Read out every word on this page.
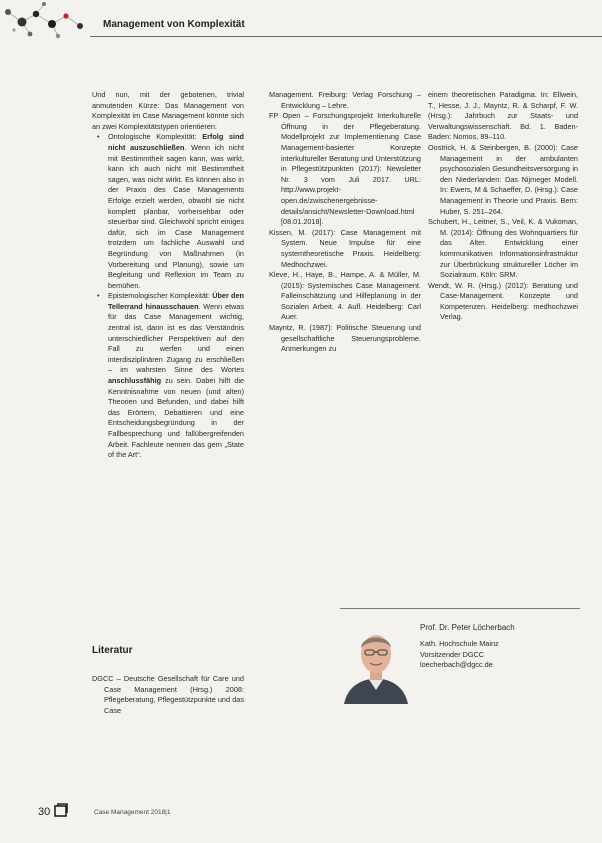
Management von Komplexität

Und nun, mit der gebotenen, trivial anmutenden Kürze: Das Management von Komplexität im Case Management könnte sich an zwei Komplexitätstypen orientieren:

• Ontologische Komplexität: Erfolg sind nicht auszuschließen. Wenn ich nicht mit Bestimmtheit sagen kann, was wirkt, kann ich auch nicht mit Bestimmtheit sagen, was nicht wirkt. Es können also in der Praxis des Case Managements Erfolge erzielt werden, obwohl sie nicht komplett planbar, vorhersehbar oder steuerbar sind. Gleichwohl spricht einiges dafür, sich im Case Management trotzdem um fachliche Auswahl und Begründung von Maßnahmen (in Vorbereitung und Planung), sowie um Begleitung und Reflexion im Team zu bemühen.
• Epistemologischer Komplexität: Über den Tellerrand hinausschauen. Wenn etwas für das Case Management wichtig, zentral ist, dann ist es das Verständnis unterschiedlicher Perspektiven auf den Fall zu werfen und einen interdisziplinären Zugang zu erschließen – im wahrsten Sinne des Wortes anschlussfähig zu sein. Dabei hilft die Kenntnisnahme von neuen (und alten) Theorien und Befunden, und dabei hilft das Erörtern, Debattieren und eine Entscheidungsbegründung in der Fallbesprechung und fallübergreifenden Arbeit. Fachleute nennen das gern „State of the Art“.

Management. Freiburg: Verlag Forschung – Entwicklung – Lehre.

FP Open – Forschungsprojekt Interkulturelle Öffnung in der Pflegeberatung. Modellprojekt zur Implementierung Case Management-basierter Konzepte interkultureller Beratung und Unterstützung in Pflegestützpunkten (2017): Newsletter Nr. 3 vom Juli 2017. URL: http://www.projekt-open.de/zwischenergebnisse-details/ansicht/Newsletter-Download.html [08.01.2018].

Kissen, M. (2017): Case Management mit System. Neue Impulse für eine systemtheoretische Praxis. Heidelberg: Medhochzwei.

Kleve, H., Haye, B., Hampe, A. & Müller, M. (2015): Systemisches Case Management. Falleinschätzung und Hilfeplanung in der Sozialen Arbeit. 4. Aufl. Heidelberg: Carl Auer.

Mayntz, R. (1987): Politische Steuerung und gesellschaftliche Steuerungsprobleme. Anmerkungen zu

einem theoretischen Paradigma. In: Ellwein, T., Hesse, J. J., Mayntz, R. & Scharpf, F. W. (Hrsg.): Jahrbuch zur Staats- und Verwaltungswissenschaft. Bd. 1. Baden-Baden: Nomos, 89–110.

Oostrick, H. & Steinbergen, B. (2000): Case Management in der ambulanten psychosozialen Gesundheitsversorgung in den Niederlanden: Das Nijmeger Modell. In: Ewers, M & Schaeffer, D. (Hrsg.): Case Management in Theorie und Praxis. Bern: Huber, S. 251–264.

Schubert, H., Leitner, S., Veil, K. & Vukoman, M. (2014): Öffnung des Wohnquartiers für das Alter. Entwicklung einer kommunikativen Informationsinfrastruktur zur Überbrückung struktureller Löcher im Sozialraum. Köln: SRM.

Wendt, W. R. (Hrsg.) (2012): Beratung und Case-Management. Konzepte und Kompetenzen. Heidelberg: medhochzwei Verlag.

Literatur

DGCC – Deutsche Gesellschaft für Care und Case Management (Hrsg.) 2008: Pflegeberatung, Pflegestützpunkte und das Case

Prof. Dr. Peter Löcherbach
Kath. Hochschule Mainz
Vorsitzender DGCC
loecherbach@dgcc.de
30	Case Management 2018|1
